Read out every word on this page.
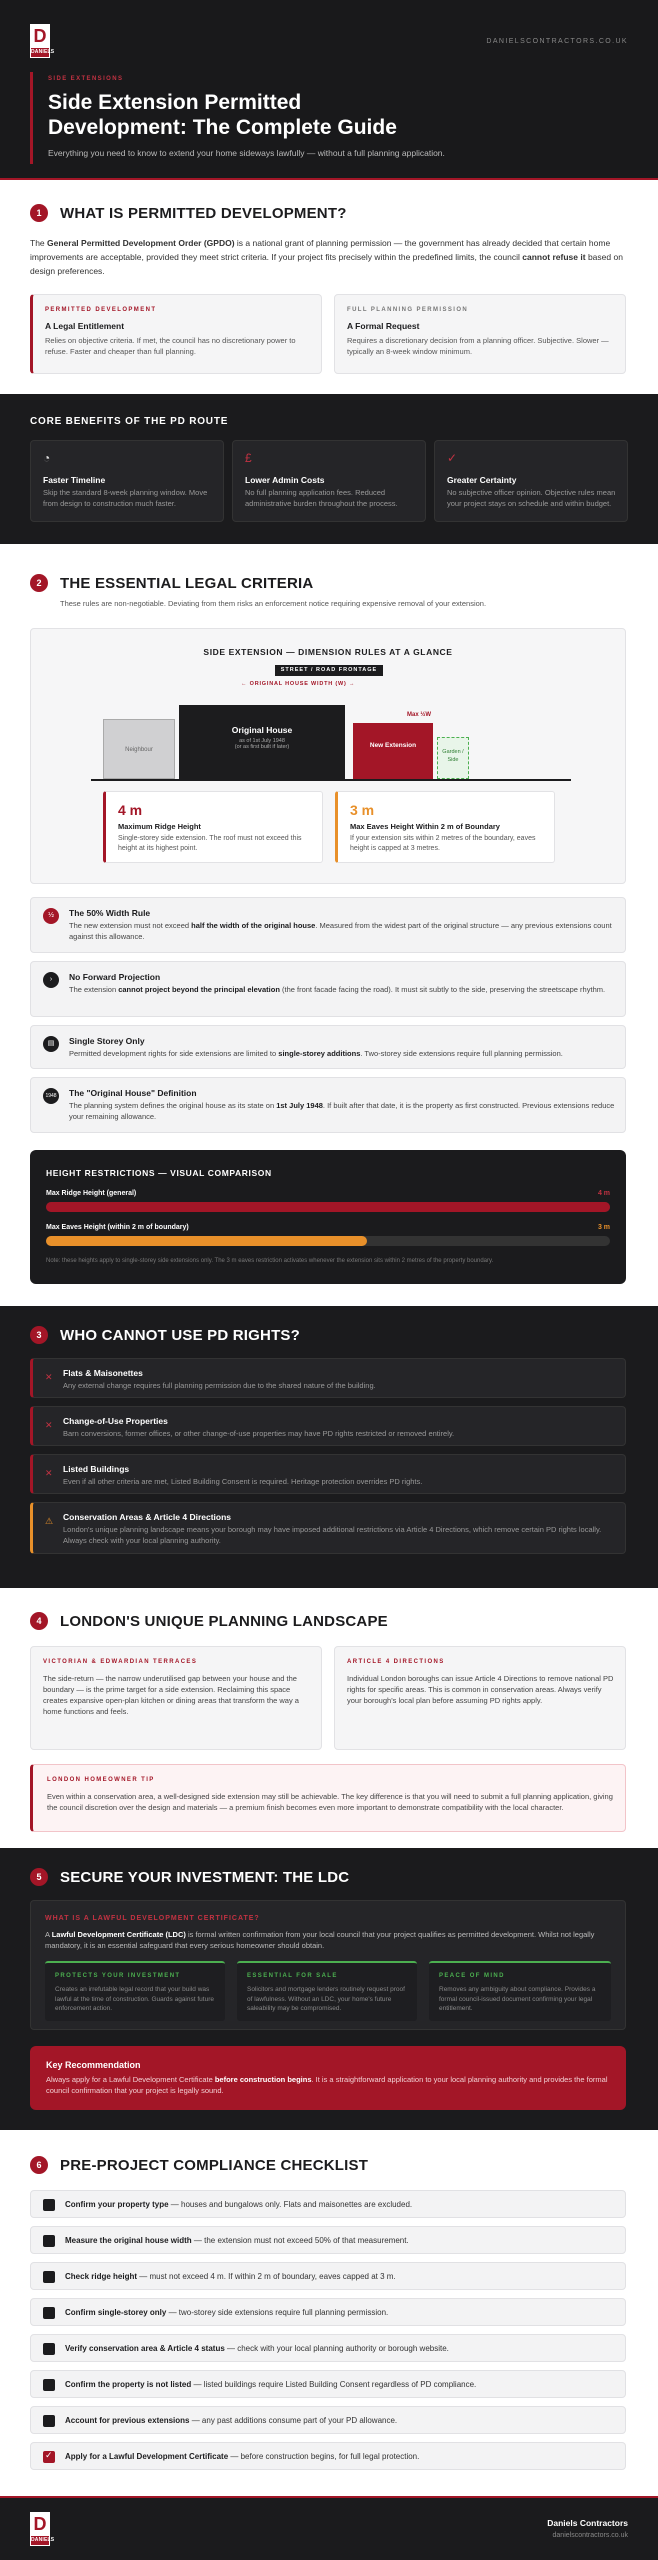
D
DANIELS
DANIELSCONTRACTORS.CO.UK
SIDE EXTENSIONS
Side Extension Permitted
Development: The Complete Guide
Everything you need to know to extend your home sideways lawfully — without a full planning application.
1	WHAT IS PERMITTED DEVELOPMENT?
The General Permitted Development Order (GPDO) is a national grant of planning permission — the government has already decided that certain home improvements are acceptable, provided they meet strict criteria. If your project fits precisely within the predefined limits, the council cannot refuse it based on design preferences.
PERMITTED DEVELOPMENT
A Legal Entitlement
Relies on objective criteria. If met, the council has no discretionary power to refuse. Faster and cheaper than full planning.
FULL PLANNING PERMISSION
A Formal Request
Requires a discretionary decision from a planning officer. Subjective. Slower — typically an 8-week window minimum.
CORE BENEFITS OF THE PD ROUTE
◔
Faster Timeline
Skip the standard 8-week planning window. Move from design to construction much faster.
£
Lower Admin Costs
No full planning application fees. Reduced administrative burden throughout the process.
✓
Greater Certainty
No subjective officer opinion. Objective rules mean your project stays on schedule and within budget.
2	THE ESSENTIAL LEGAL CRITERIA
These rules are non-negotiable. Deviating from them risks an enforcement notice requiring expensive removal of your extension.
SIDE EXTENSION — DIMENSION RULES AT A GLANCE
STREET / ROAD FRONTAGE
← ORIGINAL HOUSE WIDTH (W) →
Max ½W
Neighbour
Original House
as of 1st July 1948
(or as first built if later)	New Extension
Garden / Side
4 m
Maximum Ridge Height
Single-storey side extension. The roof must not exceed this height at its highest point.
3 m
Max Eaves Height Within 2 m of Boundary
If your extension sits within 2 metres of the boundary, eaves height is capped at 3 metres.
½	The 50% Width Rule
The new extension must not exceed half the width of the original house. Measured from the widest part of the original structure — any previous extensions count against this allowance.
›	No Forward Projection
The extension cannot project beyond the principal elevation (the front facade facing the road). It must sit subtly to the side, preserving the streetscape rhythm.
▤	Single Storey Only
Permitted development rights for side extensions are limited to single-storey additions. Two-storey side extensions require full planning permission.
1948 The "Original House" Definition
The planning system defines the original house as its state on 1st July 1948. If built after that date, it is the property as first constructed. Previous extensions reduce your remaining allowance.
HEIGHT RESTRICTIONS — VISUAL COMPARISON
Max Ridge Height (general)	4 m
Max Eaves Height (within 2 m of boundary)	3 m
Note: these heights apply to single-storey side extensions only. The 3 m eaves restriction activates whenever the extension sits within 2 metres of the property boundary.
3	WHO CANNOT USE PD RIGHTS?
✕ Flats & Maisonettes
Any external change requires full planning permission due to the shared nature of the building.
✕ Change-of-Use Properties
Barn conversions, former offices, or other change-of-use properties may have PD rights restricted or removed entirely.
✕ Listed Buildings
Even if all other criteria are met, Listed Building Consent is required. Heritage protection overrides PD rights.
⚠ Conservation Areas & Article 4 Directions
London's unique planning landscape means your borough may have imposed additional restrictions via Article 4 Directions, which remove certain PD rights locally. Always check with your local planning authority.
4	LONDON'S UNIQUE PLANNING LANDSCAPE
VICTORIAN & EDWARDIAN TERRACES
The side-return — the narrow underutilised gap between your house and the boundary — is the prime target for a side extension. Reclaiming this space creates expansive open-plan kitchen or dining areas that transform the way a home functions and feels.
ARTICLE 4 DIRECTIONS
Individual London boroughs can issue Article 4 Directions to remove national PD rights for specific areas. This is common in conservation areas. Always verify your borough's local plan before assuming PD rights apply.
LONDON HOMEOWNER TIP
Even within a conservation area, a well-designed side extension may still be achievable. The key difference is that you will need to submit a full planning application, giving the council discretion over the design and materials — a premium finish becomes even more important to demonstrate compatibility with the local character.
5	SECURE YOUR INVESTMENT: THE LDC
WHAT IS A LAWFUL DEVELOPMENT CERTIFICATE?
A Lawful Development Certificate (LDC) is formal written confirmation from your local council that your project qualifies as permitted development. Whilst not legally mandatory, it is an essential safeguard that every serious homeowner should obtain.
PROTECTS YOUR INVESTMENT
Creates an irrefutable legal record that your build was lawful at the time of construction. Guards against future enforcement action.
ESSENTIAL FOR SALE
Solicitors and mortgage lenders routinely request proof of lawfulness. Without an LDC, your home's future saleability may be compromised.
PEACE OF MIND
Removes any ambiguity about compliance. Provides a formal council-issued document confirming your legal entitlement.
Key Recommendation
Always apply for a Lawful Development Certificate before construction begins. It is a straightforward application to your local planning authority and provides the formal council confirmation that your project is legally sound.
6	PRE-PROJECT COMPLIANCE CHECKLIST
Confirm your property type — houses and bungalows only. Flats and maisonettes are excluded.
Measure the original house width — the extension must not exceed 50% of that measurement.
Check ridge height — must not exceed 4 m. If within 2 m of boundary, eaves capped at 3 m.
Confirm single-storey only — two-storey side extensions require full planning permission.
Verify conservation area & Article 4 status — check with your local planning authority or borough website.
Confirm the property is not listed — listed buildings require Listed Building Consent regardless of PD compliance.
Account for previous extensions — any past additions consume part of your PD allowance.
✓
Apply for a Lawful Development Certificate — before construction begins, for full legal protection.
D
DANIELS
Daniels Contractors
danielscontractors.co.uk
